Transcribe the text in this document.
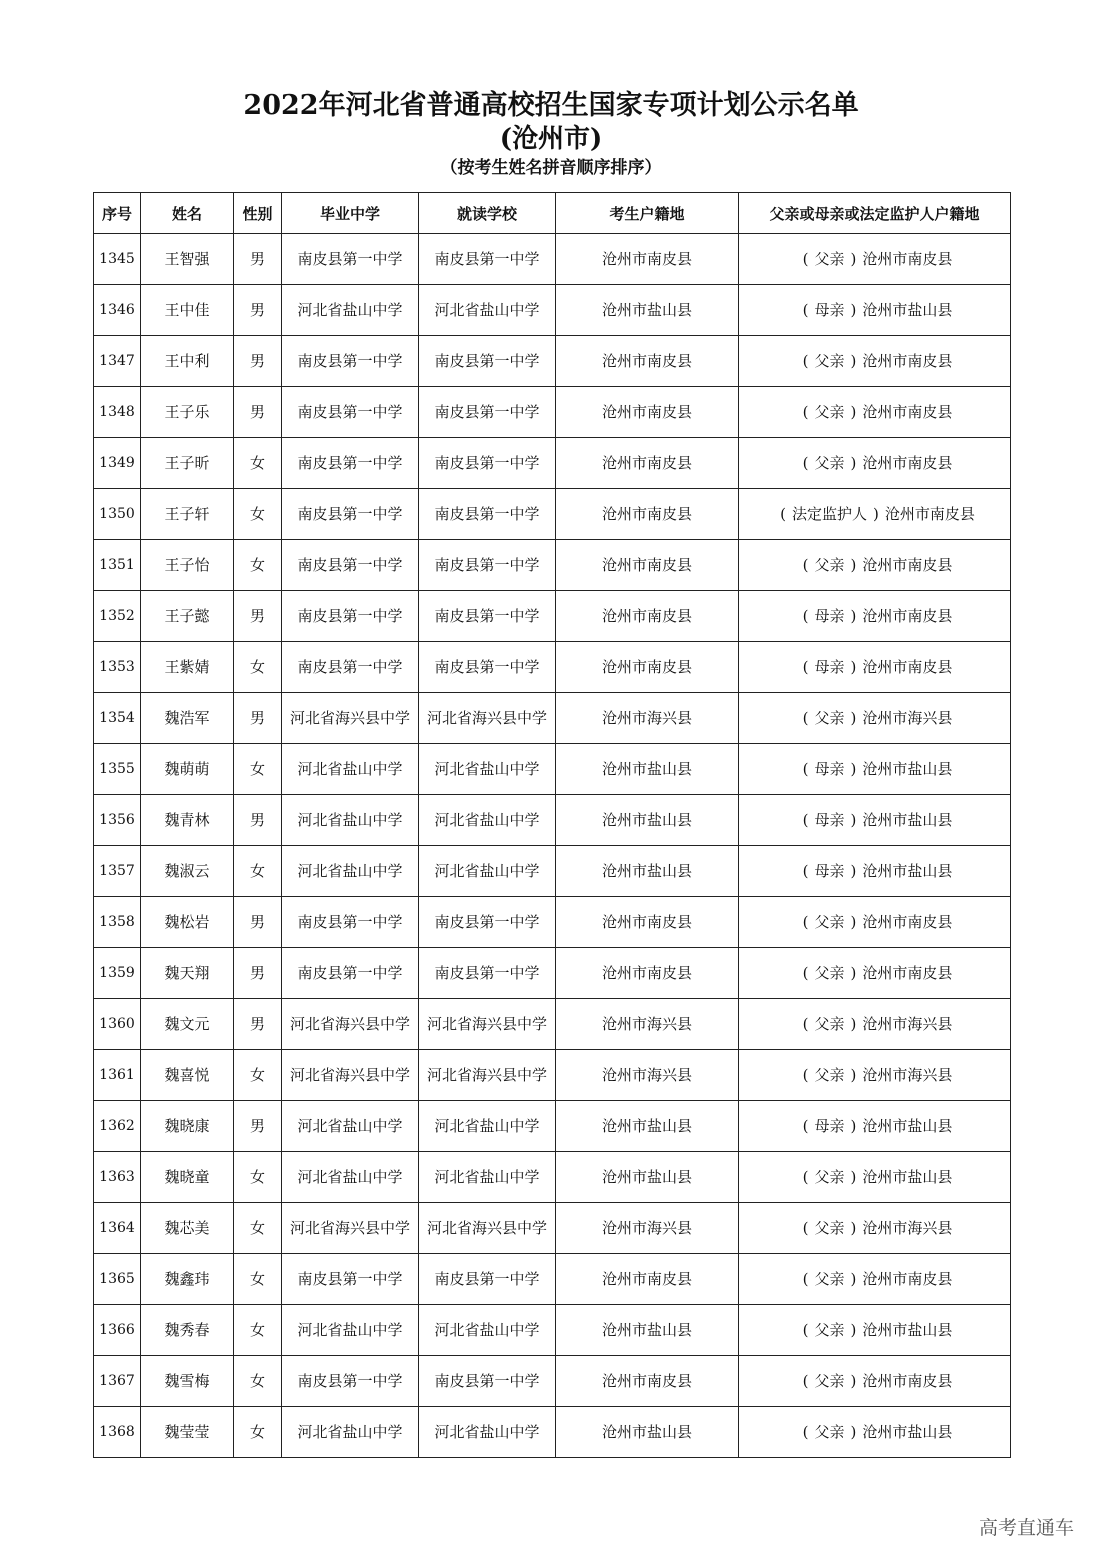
2022年河北省普通高校招生国家专项计划公示名单

(沧州市)

（按考生姓名拼音顺序排序）

序号	姓名	性别	毕业中学	就读学校	考生户籍地	父亲或母亲或法定监护人户籍地
1345	王智强	男	南皮县第一中学	南皮县第一中学	沧州市南皮县	( 父亲 ) 沧州市南皮县
1346	王中佳	男	河北省盐山中学	河北省盐山中学	沧州市盐山县	( 母亲 ) 沧州市盐山县
1347	王中利	男	南皮县第一中学	南皮县第一中学	沧州市南皮县	( 父亲 ) 沧州市南皮县
1348	王子乐	男	南皮县第一中学	南皮县第一中学	沧州市南皮县	( 父亲 ) 沧州市南皮县
1349	王子昕	女	南皮县第一中学	南皮县第一中学	沧州市南皮县	( 父亲 ) 沧州市南皮县
1350	王子轩	女	南皮县第一中学	南皮县第一中学	沧州市南皮县	( 法定监护人 ) 沧州市南皮县
1351	王子怡	女	南皮县第一中学	南皮县第一中学	沧州市南皮县	( 父亲 ) 沧州市南皮县
1352	王子懿	男	南皮县第一中学	南皮县第一中学	沧州市南皮县	( 母亲 ) 沧州市南皮县
1353	王紫婧	女	南皮县第一中学	南皮县第一中学	沧州市南皮县	( 母亲 ) 沧州市南皮县
1354	魏浩军	男	河北省海兴县中学	河北省海兴县中学	沧州市海兴县	( 父亲 ) 沧州市海兴县
1355	魏萌萌	女	河北省盐山中学	河北省盐山中学	沧州市盐山县	( 母亲 ) 沧州市盐山县
1356	魏青林	男	河北省盐山中学	河北省盐山中学	沧州市盐山县	( 母亲 ) 沧州市盐山县
1357	魏淑云	女	河北省盐山中学	河北省盐山中学	沧州市盐山县	( 母亲 ) 沧州市盐山县
1358	魏松岩	男	南皮县第一中学	南皮县第一中学	沧州市南皮县	( 父亲 ) 沧州市南皮县
1359	魏天翔	男	南皮县第一中学	南皮县第一中学	沧州市南皮县	( 父亲 ) 沧州市南皮县
1360	魏文元	男	河北省海兴县中学	河北省海兴县中学	沧州市海兴县	( 父亲 ) 沧州市海兴县
1361	魏喜悦	女	河北省海兴县中学	河北省海兴县中学	沧州市海兴县	( 父亲 ) 沧州市海兴县
1362	魏晓康	男	河北省盐山中学	河北省盐山中学	沧州市盐山县	( 母亲 ) 沧州市盐山县
1363	魏晓童	女	河北省盐山中学	河北省盐山中学	沧州市盐山县	( 父亲 ) 沧州市盐山县
1364	魏芯美	女	河北省海兴县中学	河北省海兴县中学	沧州市海兴县	( 父亲 ) 沧州市海兴县
1365	魏鑫玮	女	南皮县第一中学	南皮县第一中学	沧州市南皮县	( 父亲 ) 沧州市南皮县
1366	魏秀春	女	河北省盐山中学	河北省盐山中学	沧州市盐山县	( 父亲 ) 沧州市盐山县
1367	魏雪梅	女	南皮县第一中学	南皮县第一中学	沧州市南皮县	( 父亲 ) 沧州市南皮县
1368	魏莹莹	女	河北省盐山中学	河北省盐山中学	沧州市盐山县	( 父亲 ) 沧州市盐山县
高考直通车
